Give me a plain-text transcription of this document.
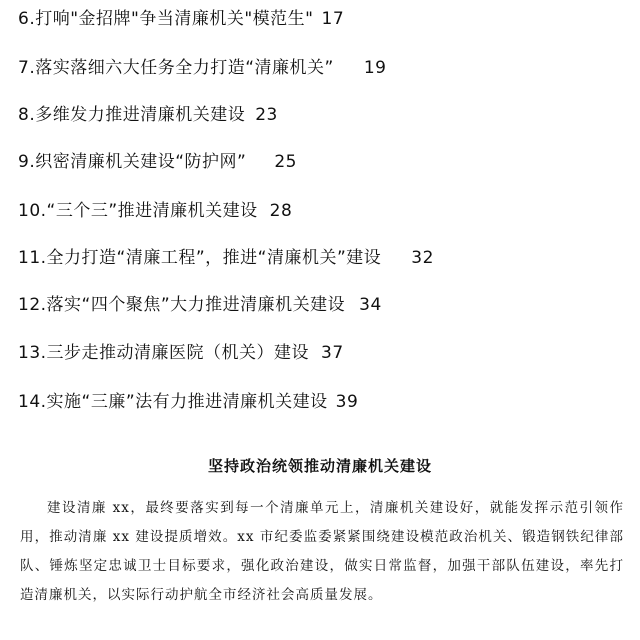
6.打响"金招牌"争当清廉机关"模范生" 17
7.落实落细六大任务全力打造“清廉机关” 19
8.多维发力推进清廉机关建设 23
9.织密清廉机关建设“防护网” 25
10.“三个三”推进清廉机关建设 28
11.全力打造“清廉工程”，推进“清廉机关”建设 32
12.落实“四个聚焦”大力推进清廉机关建设 34
13.三步走推动清廉医院（机关）建设 37
14.实施“三廉”法有力推进清廉机关建设 39
坚持政治统领推动清廉机关建设
建设清廉 xx，最终要落实到每一个清廉单元上，清廉机关建设好，就能发挥示范引领作用，推动清廉 xx 建设提质增效。xx 市纪委监委紧紧围绕建设模范政治机关、锻造钢铁纪律部队、锤炼坚定忠诚卫士目标要求，强化政治建设，做实日常监督，加强干部队伍建设，率先打造清廉机关，以实际行动护航全市经济社会高质量发展。
